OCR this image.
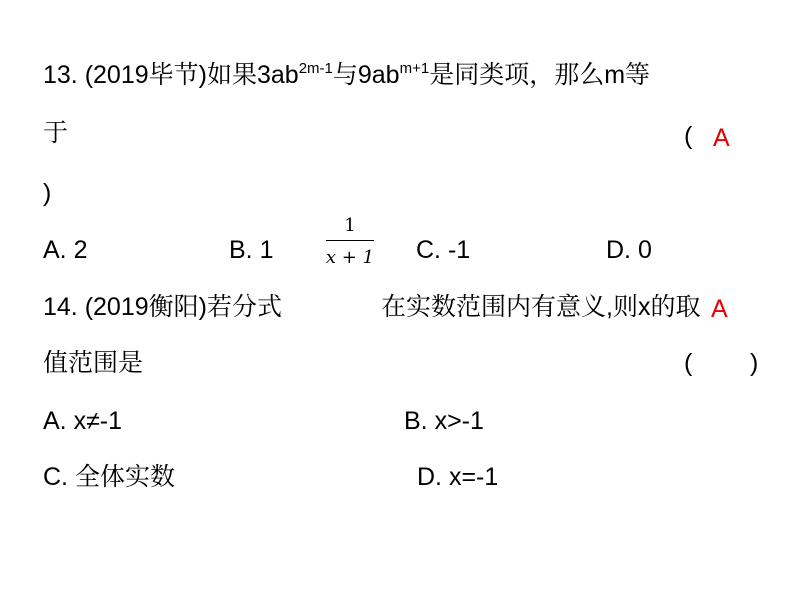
13. (2019毕节)如果$3ab^{2m-1}$与$9ab^{m+1}$是同类项，那么m等
于	( A
)
A. 2	B. 1	C. -1	D. 0
1
x + 1
14. (2019衡阳)若分式	在实数范围内有意义,则x的取 A
值范围是	( )
A. x≠-1	B. x>-1
C. 全体实数	D. x=-1
